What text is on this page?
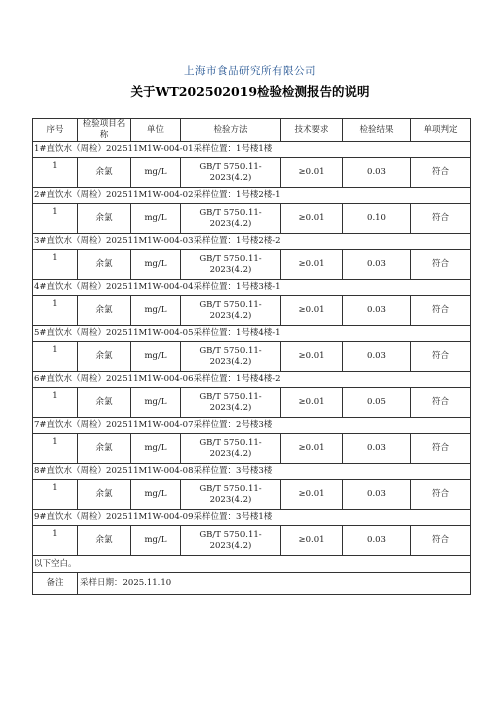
上海市食品研究所有限公司
关于WT202502019检验检测报告的说明
序号	检验项目名称	单位	检验方法	技术要求	检验结果	单项判定
1#直饮水（周检）202511M1W-004-01采样位置：1号楼1楼						
1	余氯	mg/L	GB/T 5750.11-
2023(4.2)	≥0.01	0.03	符合
2#直饮水（周检）202511M1W-004-02采样位置：1号楼2楼-1						
1	余氯	mg/L	GB/T 5750.11-
2023(4.2)	≥0.01	0.10	符合
3#直饮水（周检）202511M1W-004-03采样位置：1号楼2楼-2						
1	余氯	mg/L	GB/T 5750.11-
2023(4.2)	≥0.01	0.03	符合
4#直饮水（周检）202511M1W-004-04采样位置：1号楼3楼-1						
1	余氯	mg/L	GB/T 5750.11-
2023(4.2)	≥0.01	0.03	符合
5#直饮水（周检）202511M1W-004-05采样位置：1号楼4楼-1						
1	余氯	mg/L	GB/T 5750.11-
2023(4.2)	≥0.01	0.03	符合
6#直饮水（周检）202511M1W-004-06采样位置：1号楼4楼-2						
1	余氯	mg/L	GB/T 5750.11-
2023(4.2)	≥0.01	0.05	符合
7#直饮水（周检）202511M1W-004-07采样位置：2号楼3楼						
1	余氯	mg/L	GB/T 5750.11-
2023(4.2)	≥0.01	0.03	符合
8#直饮水（周检）202511M1W-004-08采样位置：3号楼3楼						
1	余氯	mg/L	GB/T 5750.11-
2023(4.2)	≥0.01	0.03	符合
9#直饮水（周检）202511M1W-004-09采样位置：3号楼1楼						
1	余氯	mg/L	GB/T 5750.11-
2023(4.2)	≥0.01	0.03	符合
以下空白。						
备注	采样日期：2025.11.10					
